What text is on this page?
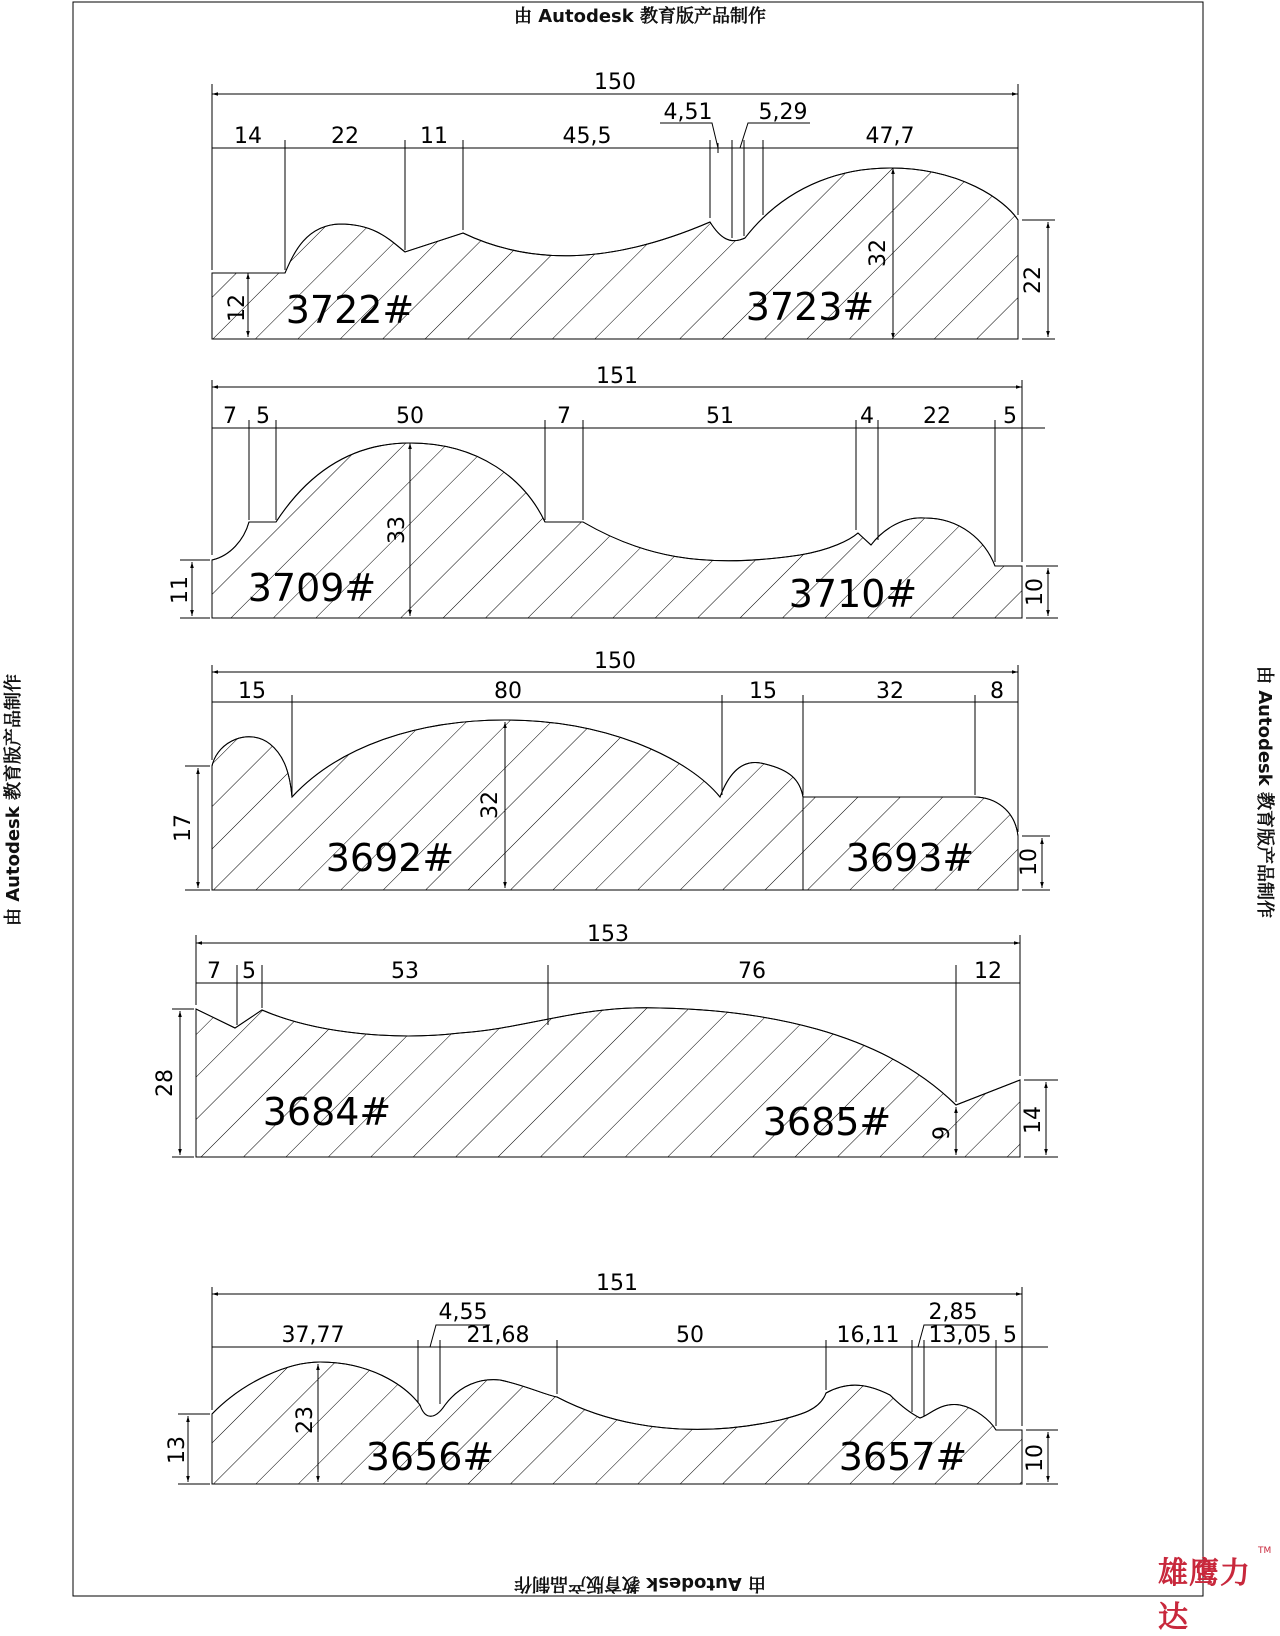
150
14	22	11	45,5
4,51 5,29
47,7
12
32
22
3722#	3723#
151
7 5	50	7	51	4 22 5
11
33
10
3709#	3710#
150
15	80	15	32	8
17
32
10
3692#	3693#
153
7 5	53	76	12
28
9	14
3684#	3685#
151
37,77
4,55
21,68	50	16,11
2,85
13,05 5
13
23
10
3656#	3657#
由 Autodesk 教育版产品制作
由 Autodesk 教育版产品制作
由 Autodesk 教育版产品制作	由 Autodesk 教育版产品制作
雄鹰力达
TM
